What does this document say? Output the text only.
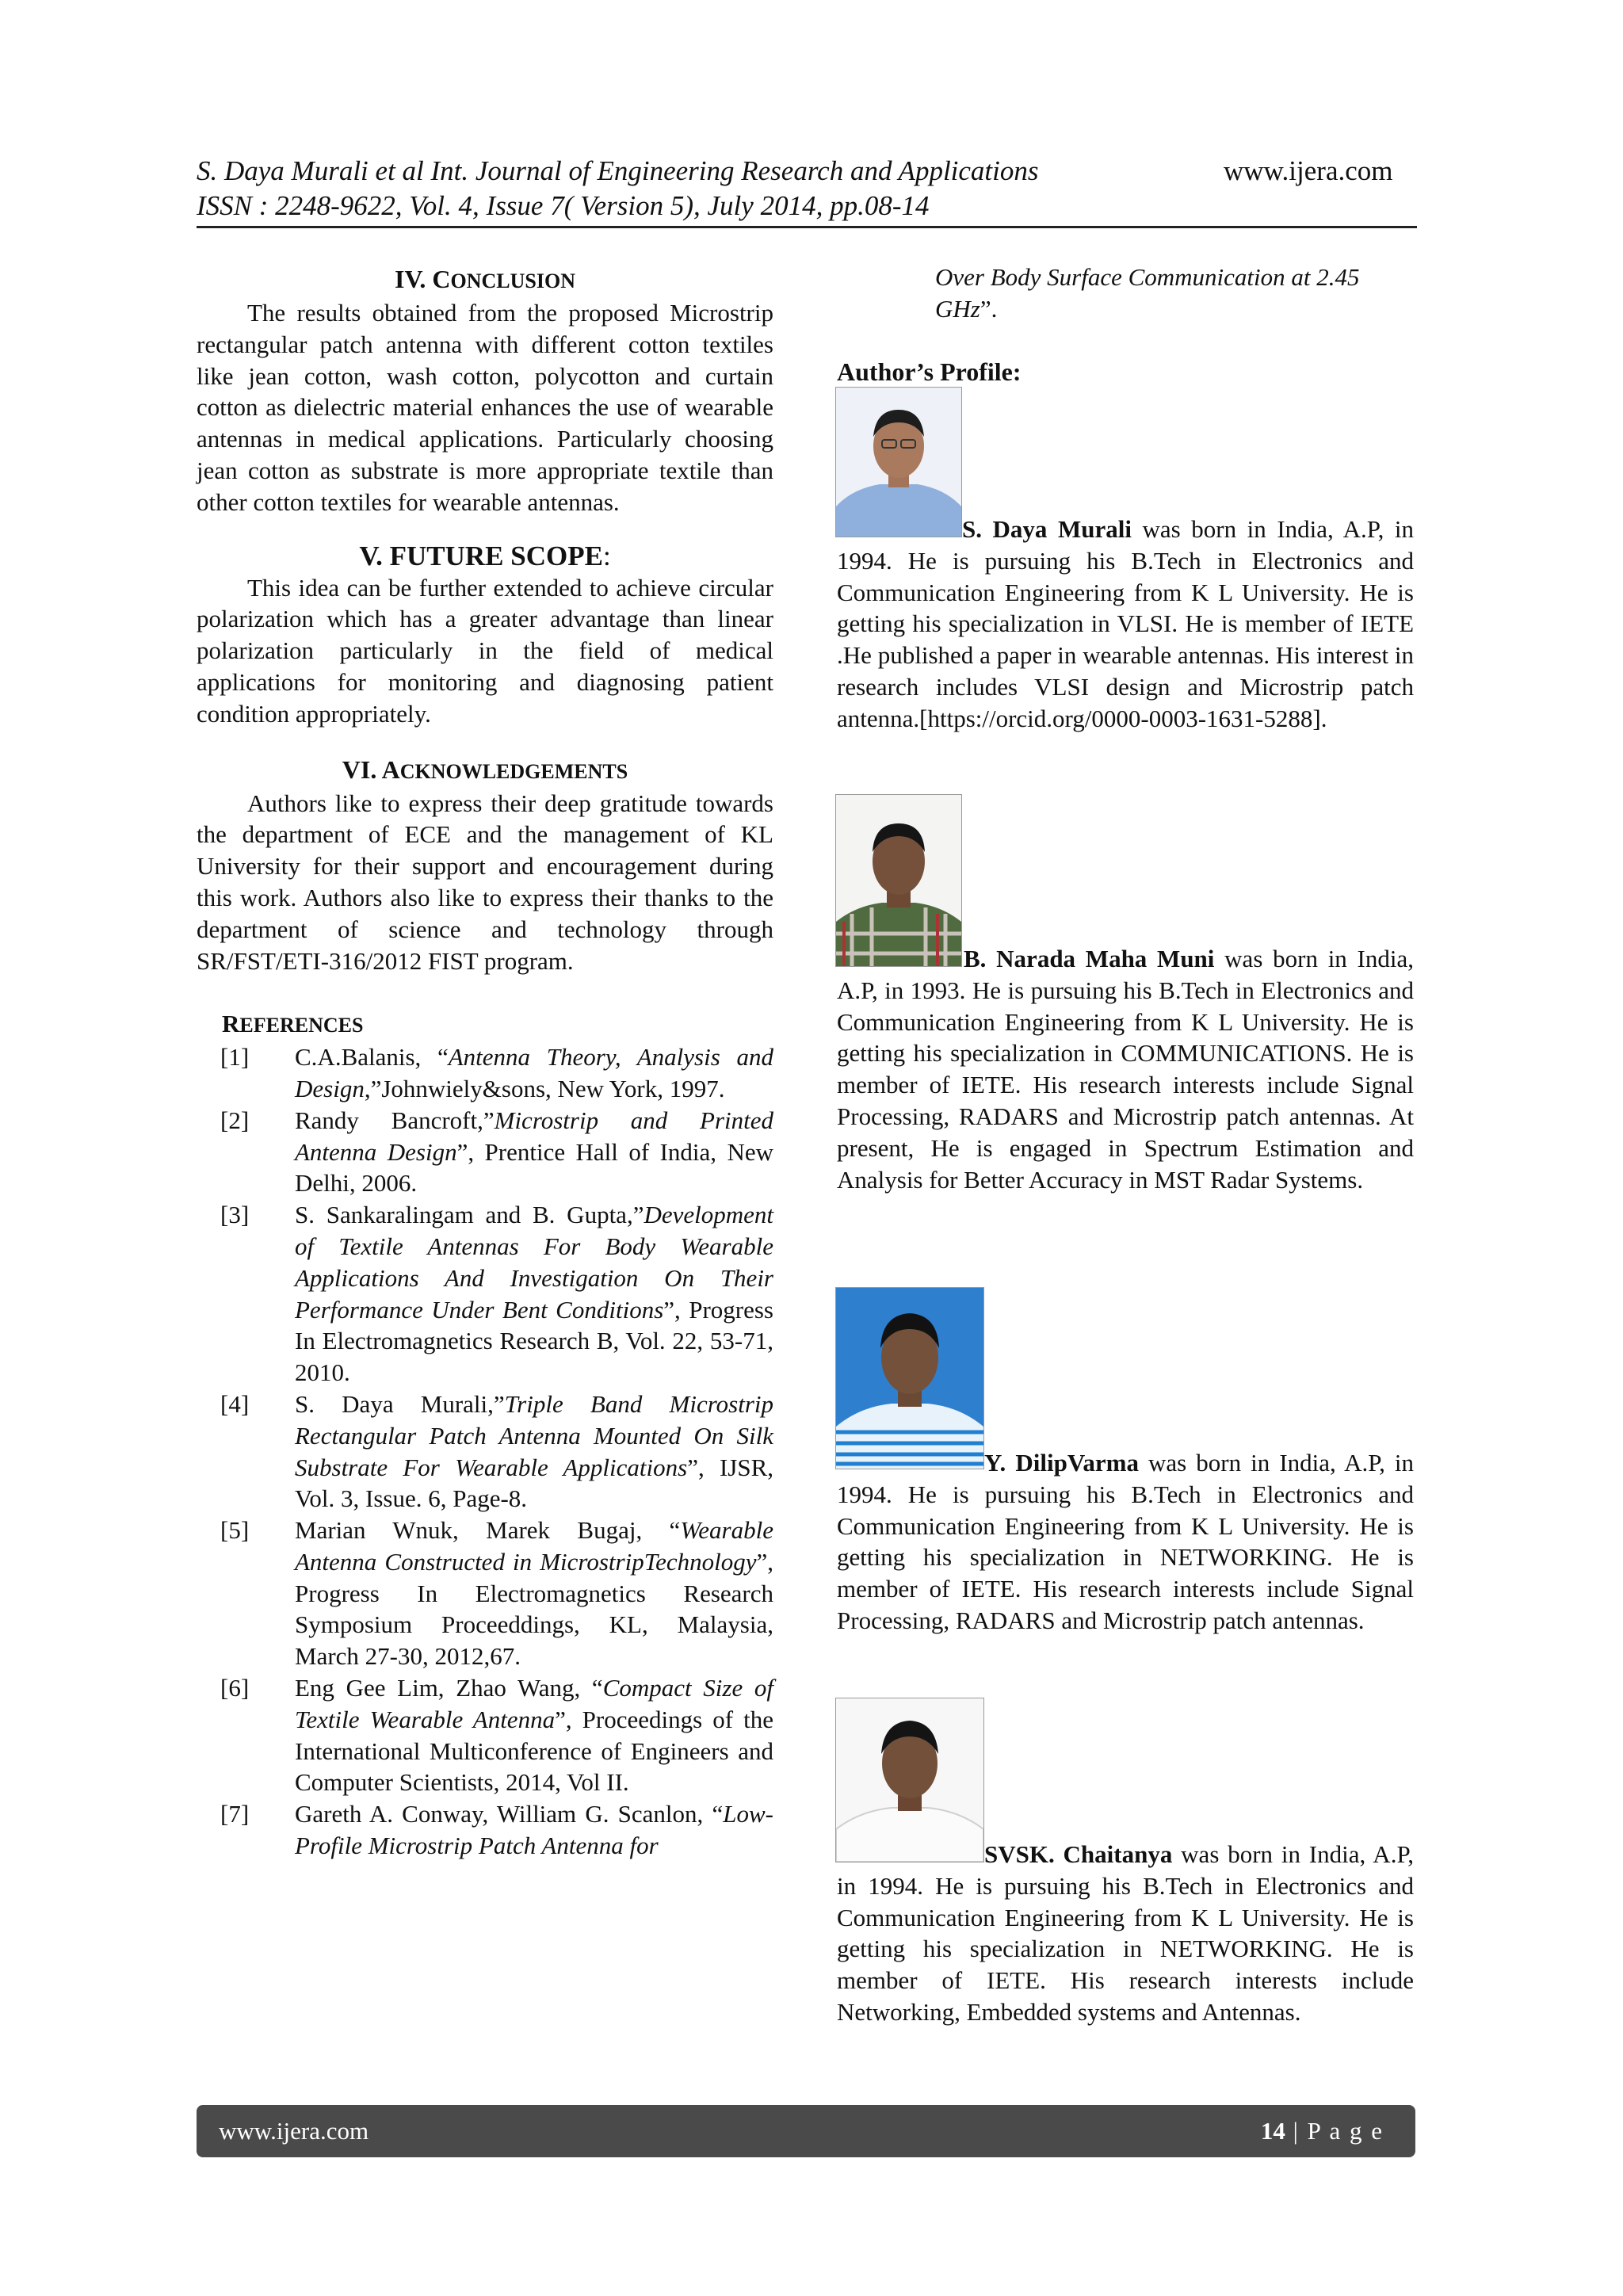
S. Daya Murali et al Int. Journal of Engineering Research and Applications
ISSN : 2248-9622, Vol. 4, Issue 7( Version 5), July 2014, pp.08-14
www.ijera.com

IV. CONCLUSION

The results obtained from the proposed Microstrip rectangular patch antenna with different cotton textiles like jean cotton, wash cotton, polycotton and curtain cotton as dielectric material enhances the use of wearable antennas in medical applications. Particularly choosing jean cotton as substrate is more appropriate textile than other cotton textiles for wearable antennas.

V. FUTURE SCOPE:

This idea can be further extended to achieve circular polarization which has a greater advantage than linear polarization particularly in the field of medical applications for monitoring and diagnosing patient condition appropriately.

VI. ACKNOWLEDGEMENTS

Authors like to express their deep gratitude towards the department of ECE and the management of KL University for their support and encouragement during this work. Authors also like to express their thanks to the department of science and technology through SR/FST/ETI-316/2012 FIST program.

REFERENCES

[1] C.A.Balanis, “Antenna Theory, Analysis and Design,”Johnwiely&sons, New York, 1997.
[2] Randy Bancroft,”Microstrip and Printed Antenna Design”, Prentice Hall of India, New Delhi, 2006.
[3] S. Sankaralingam and B. Gupta,”Development of Textile Antennas For Body Wearable Applications And Investigation On Their Performance Under Bent Conditions”, Progress In Electromagnetics Research B, Vol. 22, 53-71, 2010.
[4] S. Daya Murali,”Triple Band Microstrip Rectangular Patch Antenna Mounted On Silk Substrate For Wearable Applications”, IJSR, Vol. 3, Issue. 6, Page-8.
[5] Marian Wnuk, Marek Bugaj, “Wearable Antenna Constructed in MicrostripTechnology”, Progress In Electromagnetics Research Symposium Proceeddings, KL, Malaysia, March 27-30, 2012,67.
[6] Eng Gee Lim, Zhao Wang, “Compact Size of Textile Wearable Antenna”, Proceedings of the International Multiconference of Engineers and Computer Scientists, 2014, Vol II.
[7] Gareth A. Conway, William G. Scanlon, “Low-Profile Microstrip Patch Antenna for

Over Body Surface Communication at 2.45 GHz”.

Author’s Profile:

S. Daya Murali was born in India, A.P, in 1994. He is pursuing his B.Tech in Electronics and Communication Engineering from K L University. He is getting his specialization in VLSI. He is member of IETE .He published a paper in wearable antennas. His interest in research includes VLSI design and Microstrip patch antenna.[https://orcid.org/0000-0003-1631-5288].

B. Narada Maha Muni was born in India, A.P, in 1993. He is pursuing his B.Tech in Electronics and Communication Engineering from K L University. He is getting his specialization in COMMUNICATIONS. He is member of IETE. His research interests include Signal Processing, RADARS and Microstrip patch antennas. At present, He is engaged in Spectrum Estimation and Analysis for Better Accuracy in MST Radar Systems.

Y. DilipVarma was born in India, A.P, in 1994. He is pursuing his B.Tech in Electronics and Communication Engineering from K L University. He is getting his specialization in NETWORKING. He is member of IETE. His research interests include Signal Processing, RADARS and Microstrip patch antennas.

SVSK. Chaitanya was born in India, A.P, in 1994. He is pursuing his B.Tech in Electronics and Communication Engineering from K L University. He is getting his specialization in NETWORKING. He is member of IETE. His research interests include Networking, Embedded systems and Antennas.

www.ijera.com	14 | P a g e
